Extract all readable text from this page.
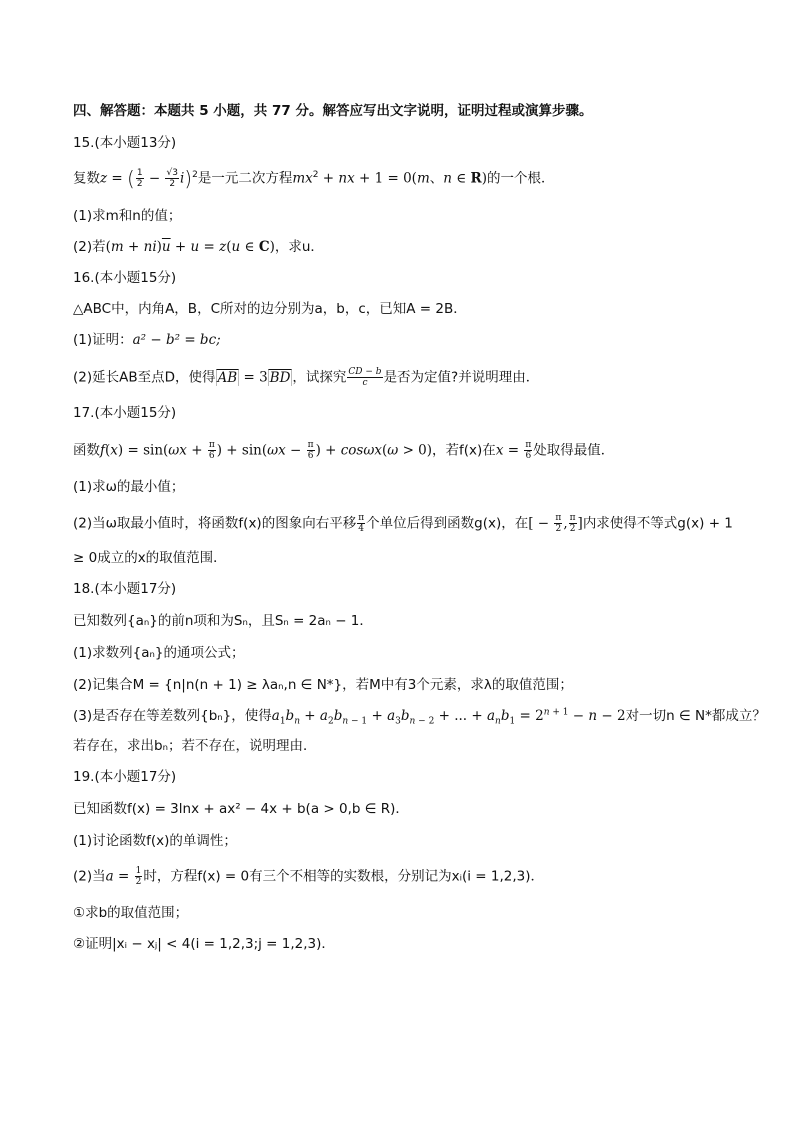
四、解答题：本题共 5 小题，共 77 分。解答应写出文字说明，证明过程或演算步骤。
15.(本小题13分)
复数z = ( $\frac{1}{2} - \frac{√3}{2} i)^2$是一元二次方程$mx^2$ + nx + 1 = 0(m、n ∈ R)的一个根．
(1)求m和n的值；
(2)若$(m + ni)\overline{u} + u = z(u$ ∈ C)，求u．
16.(本小题15分)
△ABC中，内角A，B，C所对的边分别为a，b，c，已知A = 2B．
(1)证明：a² − b² = bc;
(2)延长AB至点D，使得 AB = 3 BD ，试探究 $\frac{CD - b}{c}$ 是否为定值?并说明理由．
17.(本小题15分)
函数$f(x) = \sin(\omega x + \frac{\pi}{6}$ ) + $\sin(\omega x - \frac{\pi}{6}$ ) + cosωx(ω > 0)，若f(x)在$x = \frac{\pi}{6}$ 处取得最值．
(1)求ω的最小值；
(2)当ω取最小值时，将函数f(x)的图象向右平移 $\frac{\pi}{4}$ 个单位后得到函数g(x)，在[ − $\frac{\pi}{2}$ , $\frac{\pi}{2}$ ]内求使得不等式g(x) + 1
≥ 0成立的x的取值范围．
18.(本小题17分)
已知数列{aₙ}的前n项和为Sₙ，且Sₙ = 2aₙ − 1．
(1)求数列{aₙ}的通项公式；
(2)记集合M = {n|n(n + 1) ≥ λaₙ,n ∈ N*}，若M中有3个元素，求λ的取值范围；
(3)是否存在等差数列{bₙ}，使得$a_1b_n + a_2b_{n - 1} + a_3b_{n - 2}$ + ... + $a_nb_1 = 2^{n + 1} - n - 2$对一切n ∈ N*都成立？
若存在，求出bₙ；若不存在，说明理由．
19.(本小题17分)
已知函数f(x) = 3lnx + ax² − 4x + b(a > 0,b ∈ R)．
(1)讨论函数f(x)的单调性；
(2)当$a = \frac{1}{2}$ 时，方程f(x) = 0有三个不相等的实数根，分别记为xᵢ(i = 1,2,3)．
①求b的取值范围；
②证明|xᵢ − xⱼ| < 4(i = 1,2,3;j = 1,2,3)．
